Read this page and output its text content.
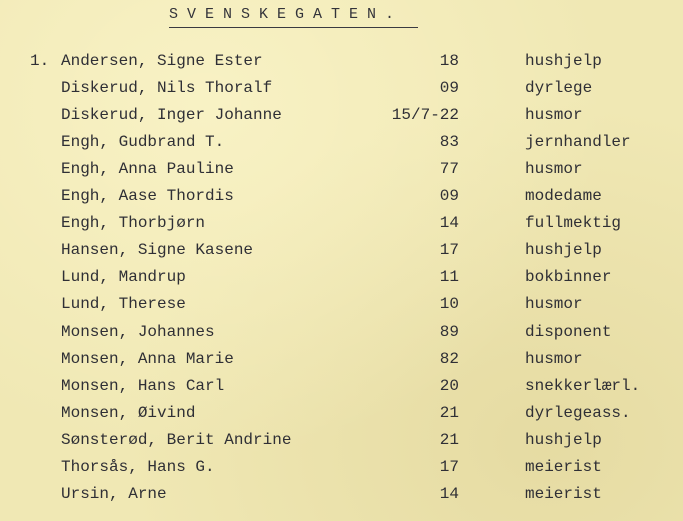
S V E N S K E G A T E N .
1. Andersen, Signe Ester	18	hushjelp
Diskerud, Nils Thoralf	09	dyrlege
Diskerud, Inger Johanne	15/7-22	husmor
Engh, Gudbrand T.	83	jernhandler
Engh, Anna Pauline	77	husmor
Engh, Aase Thordis	09	modedame
Engh, Thorbjørn	14	fullmektig
Hansen, Signe Kasene	17	hushjelp
Lund, Mandrup	11	bokbinner
Lund, Therese	10	husmor
Monsen, Johannes	89	disponent
Monsen, Anna Marie	82	husmor
Monsen, Hans Carl	20	snekkerlærl.
Monsen, Øivind	21	dyrlegeass.
Sønsterød, Berit Andrine	21	hushjelp
Thorsås, Hans G.	17	meierist
Ursin, Arne	14	meierist
